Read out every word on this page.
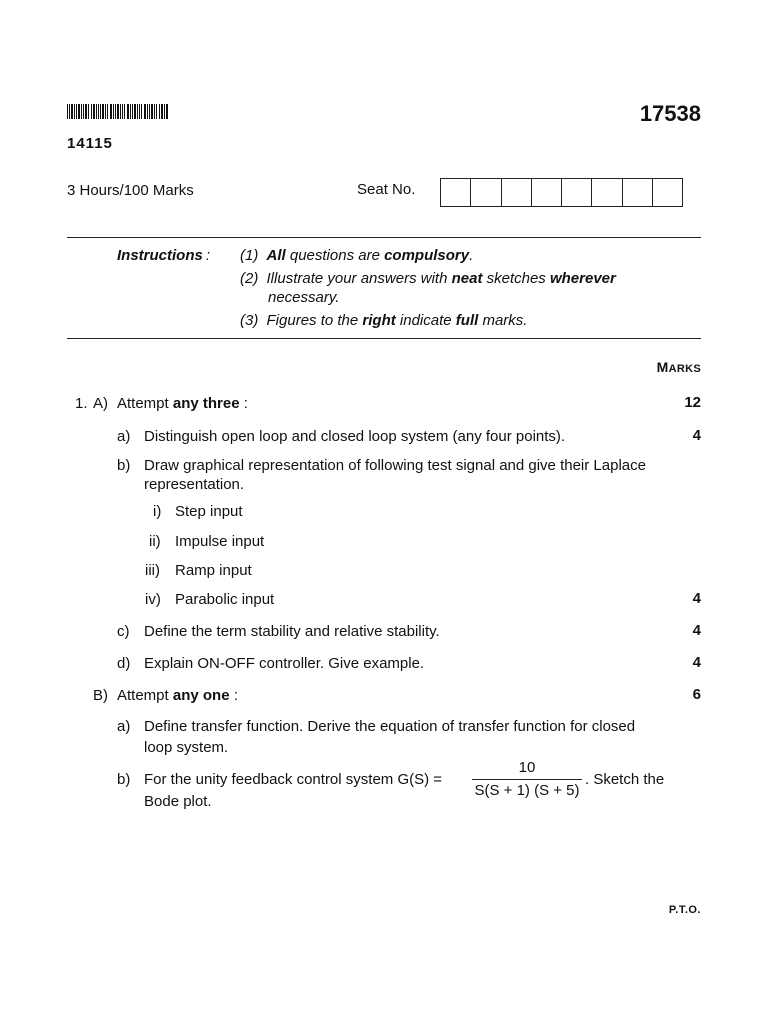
17538
14115
3 Hours/100 Marks	Seat No.
Instructions : (1) All questions are compulsory.
(2) Illustrate your answers with neat sketches wherever
necessary.
(3) Figures to the right indicate full marks.
MARKS
1. A) Attempt any three :	12
a) Distinguish open loop and closed loop system (any four points).	4
b) Draw graphical representation of following test signal and give their Laplace
representation.
i) Step input
ii) Impulse input
iii) Ramp input
iv) Parabolic input	4
c) Define the term stability and relative stability.	4
d) Explain ON-OFF controller. Give example.	4
B) Attempt any one :	6
a) Define transfer function. Derive the equation of transfer function for closed
loop system.
b) For the unity feedback control system G(S) =
10
S(S + 1) (S + 5)
. Sketch the
Bode plot.
P.T.O.
